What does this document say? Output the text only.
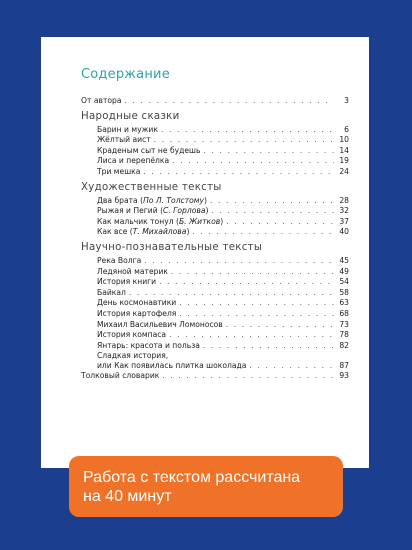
Содержание
От автора . . .	3
Народные сказки
Барин и мужик . . .	6
Жёлтый аист . . .	10
Краденым сыт не будешь . . .	14
Лиса и перепёлка . . .	19
Три мешка . . .	24
Художественные тексты
Два брата (По Л. Толстому) . . .	28
Рыжая и Пегий (С. Горлова) . . .	32
Как мальчик тонул (Б. Житков) . . .	37
Как все (Т. Михайлова) . . .	40
Научно-познавательные тексты
Река Волга . . .	45
Ледяной материк . . .	49
История книги . . .	54
Байкал . . .	58
День космонавтики . . .	63
История картофеля . . .	68
Михаил Васильевич Ломоносов . . .	73
История компаса . . .	78
Янтарь: красота и польза . . .	82
Сладкая история,
или Как появилась плитка шоколада . . .	87
Толковый словарик . . .	93
Работа с текстом рассчитана
на 40 минут
